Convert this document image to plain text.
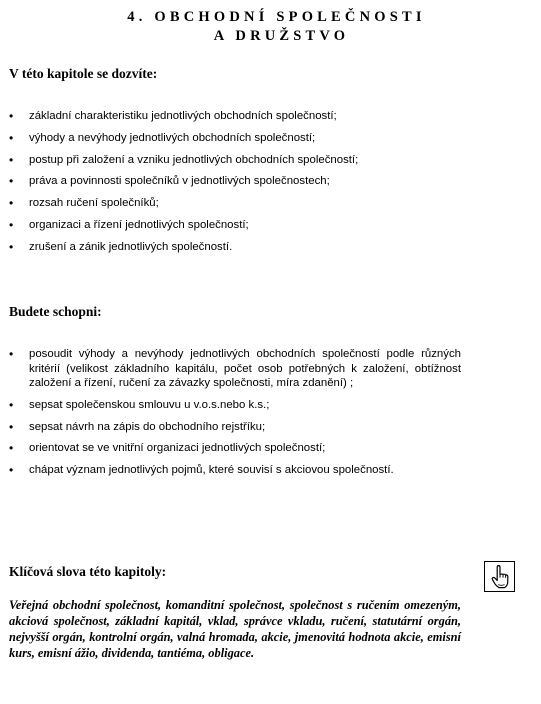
4. OBCHODNÍ SPOLEČNOSTI
A DRUŽSTVO
V této kapitole se dozvíte:
• základní charakteristiku jednotlivých obchodních společností;
• výhody a nevýhody jednotlivých obchodních společností;
• postup při založení a vzniku jednotlivých obchodních společností;
• práva a povinnosti společníků v jednotlivých společnostech;
• rozsah ručení společníků;
• organizaci a řízení jednotlivých společností;
• zrušení a zánik jednotlivých společností.
Budete schopni:
• posoudit výhody a nevýhody jednotlivých obchodních společností podle různých kritérií (velikost základního kapitálu, počet osob potřebných k založení, obtížnost založení a řízení, ručení za závazky společnosti, míra zdanění) ;
• sepsat společenskou smlouvu u v.o.s.nebo k.s.;
• sepsat návrh na zápis do obchodního rejstříku;
• orientovat se ve vnitřní organizaci jednotlivých společností;
• chápat význam jednotlivých pojmů, které souvisí s akciovou společností.
Klíčová slova této kapitoly:

Veřejná obchodní společnost, komanditní společnost, společnost s ručením omezeným, akciová společnost, základní kapitál, vklad, správce vkladu, ručení, statutární orgán, nejvyšší orgán, kontrolní orgán, valná hromada, akcie, jmenovitá hodnota akcie, emisní kurs, emisní ážio, dividenda, tantiéma, obligace.
